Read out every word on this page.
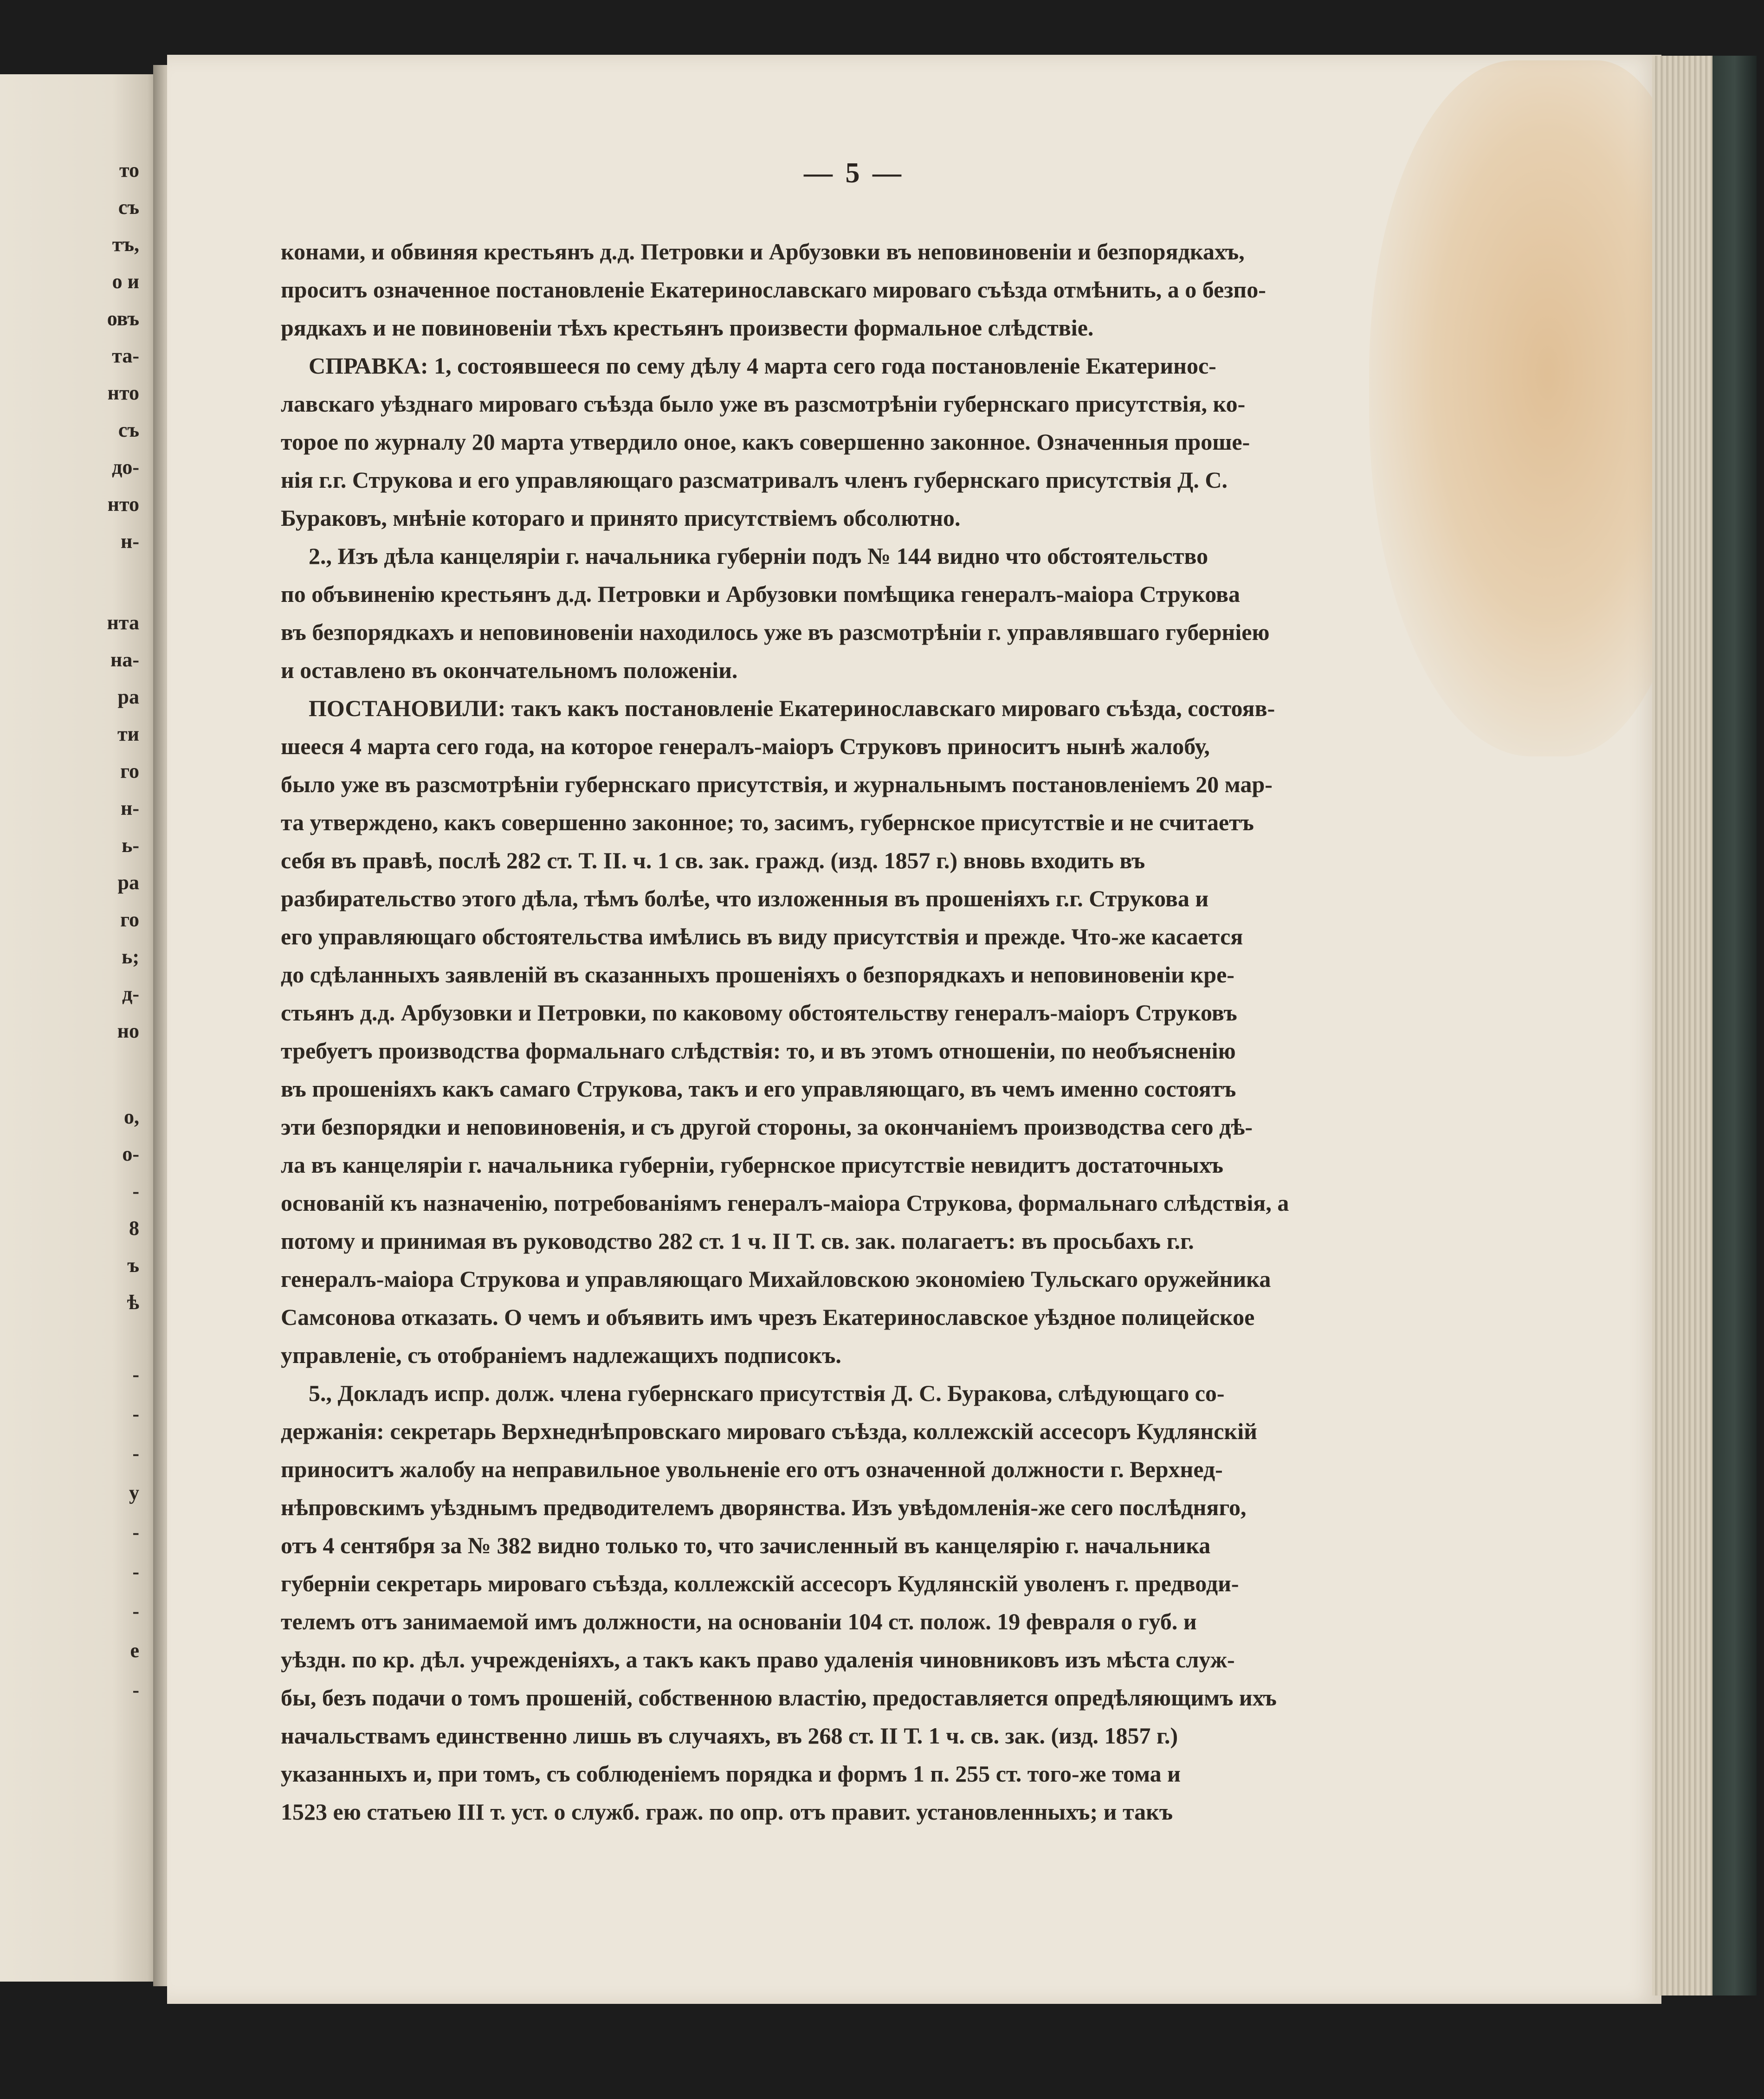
то
съ
тъ,
о и
овъ
та-
нто
съ
до-
нто
н-
нта
на-
ра
ти
го
н-
ь-
ра
го
ь;
д-
но
о,
о-
-
8
ъ
ѣ
-
-
-
у
-
-
-
е
-
— 5 —
конами, и обвиняя крестьянъ д.д. Петровки и Арбузовки въ неповиновенiи и безпорядкахъ,
проситъ означенное постановленiе Екатеринославскаго мироваго съѣзда отмѣнить, а о безпо-
рядкахъ и не повиновенiи тѣхъ крестьянъ произвести формальное слѣдствiе.
СПРАВКА: 1, состоявшееся по сему дѣлу 4 марта сего года постановленiе Екатеринос-
лавскаго уѣзднаго мироваго съѣзда было уже въ разсмотрѣнiи губернскаго присутствiя, ко-
торое по журналу 20 марта утвердило оное, какъ совершенно законное. Означенныя проше-
нiя г.г. Струкова и его управляющаго разсматривалъ членъ губернскаго присутствiя Д. С.
Бураковъ, мнѣнiе котораго и принято присутствiемъ обсолютно.
2., Изъ дѣла канцелярiи г. начальника губернiи подъ № 144 видно что обстоятельство
по объвиненiю крестьянъ д.д. Петровки и Арбузовки помѣщика генералъ-маiора Струкова
въ безпорядкахъ и неповиновенiи находилось уже въ разсмотрѣнiи г. управлявшаго губернiею
и оставлено въ окончательномъ положенiи.
ПОСТАНОВИЛИ: такъ какъ постановленiе Екатеринославскаго мироваго съѣзда, состояв-
шееся 4 марта сего года, на которое генералъ-маiоръ Струковъ приноситъ нынѣ жалобу,
было уже въ разсмотрѣнiи губернскаго присутствiя, и журнальнымъ постановленiемъ 20 мар-
та утверждено, какъ совершенно законное; то, засимъ, губернское присутствiе и не считаетъ
себя въ правѣ, послѣ 282 ст. Т. II. ч. 1 св. зак. гражд. (изд. 1857 г.) вновь входить въ
разбирательство этого дѣла, тѣмъ болѣе, что изложенныя въ прошенiяхъ г.г. Струкова и
его управляющаго обстоятельства имѣлись въ виду присутствiя и прежде. Что-же касается
до сдѣланныхъ заявленiй въ сказанныхъ прошенiяхъ о безпорядкахъ и неповиновенiи кре-
стьянъ д.д. Арбузовки и Петровки, по каковому обстоятельству генералъ-маiоръ Струковъ
требуетъ производства формальнаго слѣдствiя: то, и въ этомъ отношенiи, по необъясненiю
въ прошенiяхъ какъ самаго Струкова, такъ и его управляющаго, въ чемъ именно состоятъ
эти безпорядки и неповиновенiя, и съ другой стороны, за окончанiемъ производства сего дѣ-
ла въ канцелярiи г. начальника губернiи, губернское присутствiе невидитъ достаточныхъ
основанiй къ назначенiю, потребованiямъ генералъ-маiора Струкова, формальнаго слѣдствiя, а
потому и принимая въ руководство 282 ст. 1 ч. II Т. св. зак. полагаетъ: въ просьбахъ г.г.
генералъ-маiора Струкова и управляющаго Михайловскою экономiею Тульскаго оружейника
Самсонова отказать. О чемъ и объявить имъ чрезъ Екатеринославское уѣздное полицейское
управленiе, съ отобранiемъ надлежащихъ подписокъ.
5., Докладъ испр. долж. члена губернскаго присутствiя Д. С. Буракова, слѣдующаго со-
держанiя: секретарь Верхнеднѣпровскаго мироваго съѣзда, коллежскiй ассесоръ Кудлянскiй
приноситъ жалобу на неправильное увольненiе его отъ означенной должности г. Верхнед-
нѣпровскимъ уѣзднымъ предводителемъ дворянства. Изъ увѣдомленiя-же сего послѣдняго,
отъ 4 сентября за № 382 видно только то, что зачисленный въ канцелярiю г. начальника
губернiи секретарь мироваго съѣзда, коллежскiй ассесоръ Кудлянскiй уволенъ г. предводи-
телемъ отъ занимаемой имъ должности, на основанiи 104 ст. полож. 19 февраля о губ. и
уѣздн. по кр. дѣл. учрежденiяхъ, а такъ какъ право удаленiя чиновниковъ изъ мѣста служ-
бы, безъ подачи о томъ прошенiй, собственною властiю, предоставляется опредѣляющимъ ихъ
начальствамъ единственно лишь въ случаяхъ, въ 268 ст. II Т. 1 ч. св. зак. (изд. 1857 г.)
указанныхъ и, при томъ, съ соблюденiемъ порядка и формъ 1 п. 255 ст. того-же тома и
1523 ею статьею III т. уст. о служб. граж. по опр. отъ правит. установленныхъ; и такъ
